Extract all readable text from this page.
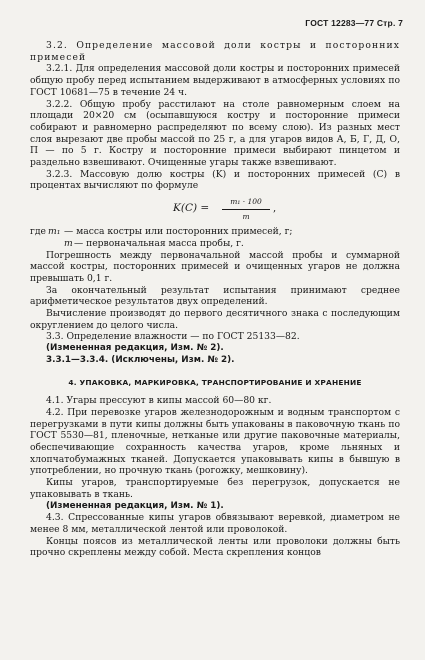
ГОСТ 12283—77 Стр. 7

3.2. Определение массовой доли костры и посторонних примесей

3.2.1. Для определения массовой доли костры и посторонних примесей общую пробу перед испытанием выдерживают в атмосферных условиях по ГОСТ 10681—75 в течение 24 ч.

3.2.2. Общую пробу расстилают на столе равномерным слоем на площади 20×20 см (осыпавшуюся кострy и посторонние примеси собирают и равномерно распределяют по всему слою). Из разных мест слоя вырезают две пробы массой по 25 г, а для угаров видов А, Б, Г, Д, О, П — по 5 г. Костру и посторонние примеси выбирают пинцетом и раздельно взвешивают. Очищенные угары также взвешивают.

3.2.3. Массовую долю костры (K) и посторонних примесей (C) в процентах вычисляют по формуле

$K(C) = \frac{\text{m₁ · 100}}{m}$ ,
где m₁ — масса костры или посторонних примесей, г;
m — первоначальная масса пробы, г.

Погрешность между первоначальной массой пробы и суммарной массой костры, посторонних примесей и очищенных угаров не должна превышать 0,1 г.

За окончательный результат испытания принимают среднее арифметическое результатов двух определений.

Вычисление производят до первого десятичного знака с последующим округлением до целого числа.

3.3. Определение влажности — по ГОСТ 25133—82.

(Измененная редакция, Изм. № 2).

3.3.1—3.3.4. (Исключены, Изм. № 2).

4. УПАКОВКА, МАРКИРОВКА, ТРАНСПОРТИРОВАНИЕ И ХРАНЕНИЕ

4.1. Угары прессуют в кипы массой 60—80 кг.

4.2. При перевозке угаров железнодорожным и водным транспортом с перегрузками в пути кипы должны быть упакованы в паковочную ткань по ГОСТ 5530—81, пленочные, нетканые или другие паковочные материалы, обеспечивающие сохранность качества угаров, кроме льняных и хлопчатобумажных тканей. Допускается упаковывать кипы в бывшую в употреблении, но прочную ткань (рогожку, мешковину).

Кипы угаров, транспортируемые без перегрузок, допускается не упаковывать в ткань.

(Измененная редакция, Изм. № 1).

4.3. Спрессованные кипы угаров обвязывают веревкой, диаметром не менее 8 мм, металлической лентой или проволокой.

Концы поясов из металлической ленты или проволоки должны быть прочно скреплены между собой. Места скрепления концов
